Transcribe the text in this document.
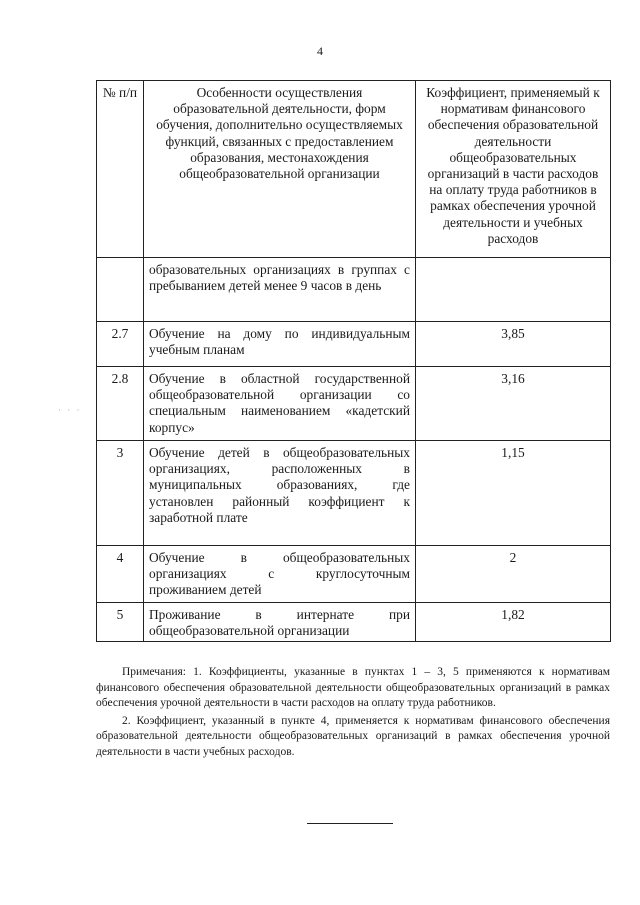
4
· · ·
№ п/п	Особенности осуществления образовательной деятельности, форм обучения, дополнительно осуществляемых функций, связанных с предоставлением образования, местонахождения общеобразовательной организации	Коэффициент, применяемый к нормативам финансового обеспечения образовательной деятельности общеобразовательных организаций в части расходов на оплату труда работников в рамках обеспечения урочной деятельности и учебных расходов
	образовательных организациях в группах с пребыванием детей менее 9 часов в день	
2.7	Обучение на дому по индивидуальным учебным планам	3,85
2.8	Обучение в областной государственной общеобразовательной организации со специальным наименованием «кадетский корпус»	3,16
3	Обучение детей в общеобразовательных организациях, расположенных в муниципальных образованиях, где установлен районный коэффициент к заработной плате	1,15
4	Обучение в общеобразовательных организациях с круглосуточным проживанием детей	2
5	Проживание в интернате при общеобразовательной организации	1,82

Примечания: 1. Коэффициенты, указанные в пунктах 1 – 3, 5 применяются к нормативам финансового обеспечения образовательной деятельности общеобразовательных организаций в рамках обеспечения урочной деятельности в части расходов на оплату труда работников.

2. Коэффициент, указанный в пункте 4, применяется к нормативам финансового обеспечения образовательной деятельности общеобразовательных организаций в рамках обеспечения урочной деятельности в части учебных расходов.
